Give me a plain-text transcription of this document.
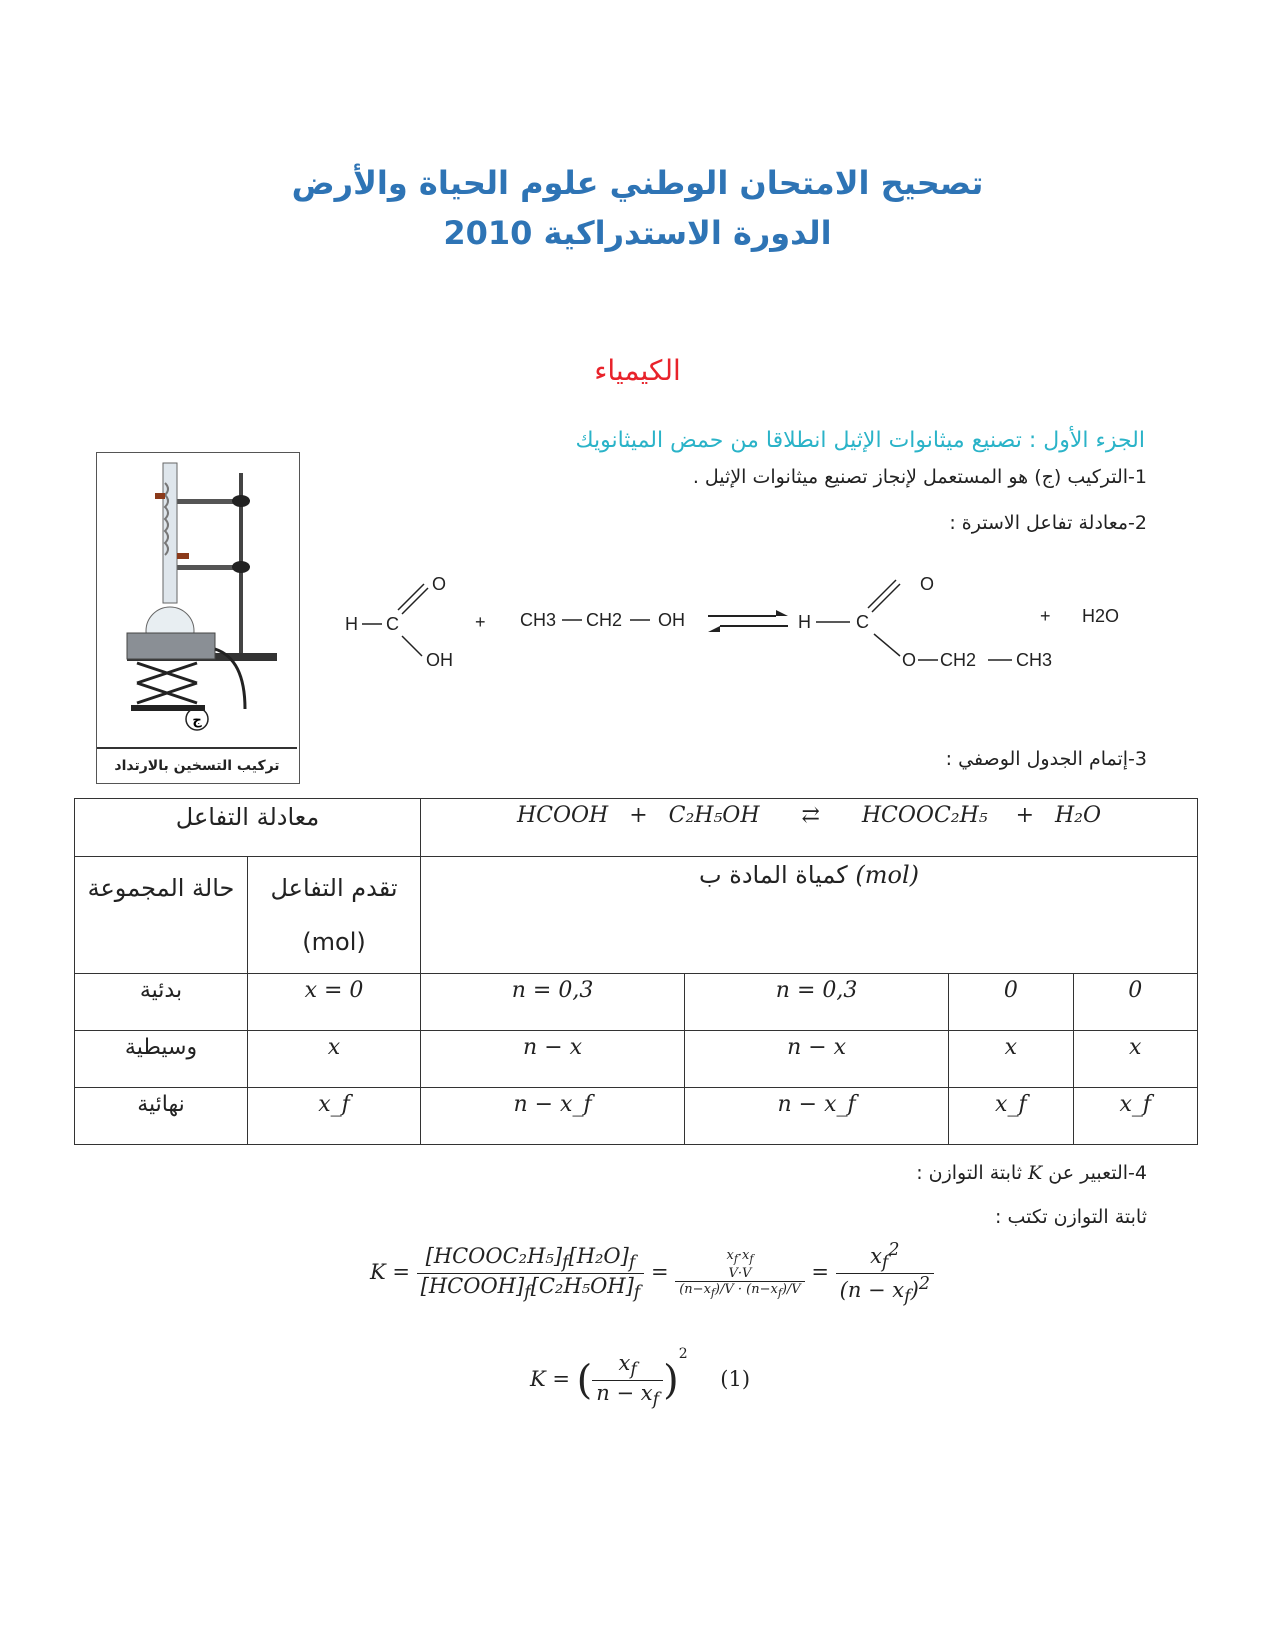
تصحيح الامتحان الوطني علوم الحياة والأرض
الدورة الاستدراكية 2010
الكيمياء
الجزء الأول : تصنيع ميثانوات الإثيل انطلاقا من حمض الميثانويك
1-التركيب (ج) هو المستعمل لإنجاز تصنيع ميثانوات الإثيل .
2-معادلة تفاعل الاسترة :
ج
تركيب التسخين بالارتداد
H C
O
OH
+ CH3 CH2 OH	H	C
O
O CH2 CH3
+ H2O
3-إتمام الجدول الوصفي :
معادلة التفاعل		HCOOH   +   C₂H₅OH      ⇄      HCOOC₂H₅    +   H₂O			
حالة المجموعة	تقدم التفاعل
(mol)	كمياة المادة ب (mol)			
بدئية	x = 0	n = 0,3	n = 0,3	0	0
وسيطية	x	n − x	n − x	x	x
نهائية	x_f	n − x_f	n − x_f	x_f	x_f
4-التعبير عن K ثابتة التوازن :
ثابتة التوازن تكتب :
$K = \frac{[HCOOC_2H_5]_f[H_2O]_f}{[HCOOH]_f[C_2H_5OH]_f}$ =
$x_f\cdot x_f$
V·V
$(n-x_f)/V \cdot (n-x_f)/V$
= $\frac{x_f^2}{(n - x_f)^2}$
K = ( $\frac{x_f}{n - x_f} )^2$ (1)
